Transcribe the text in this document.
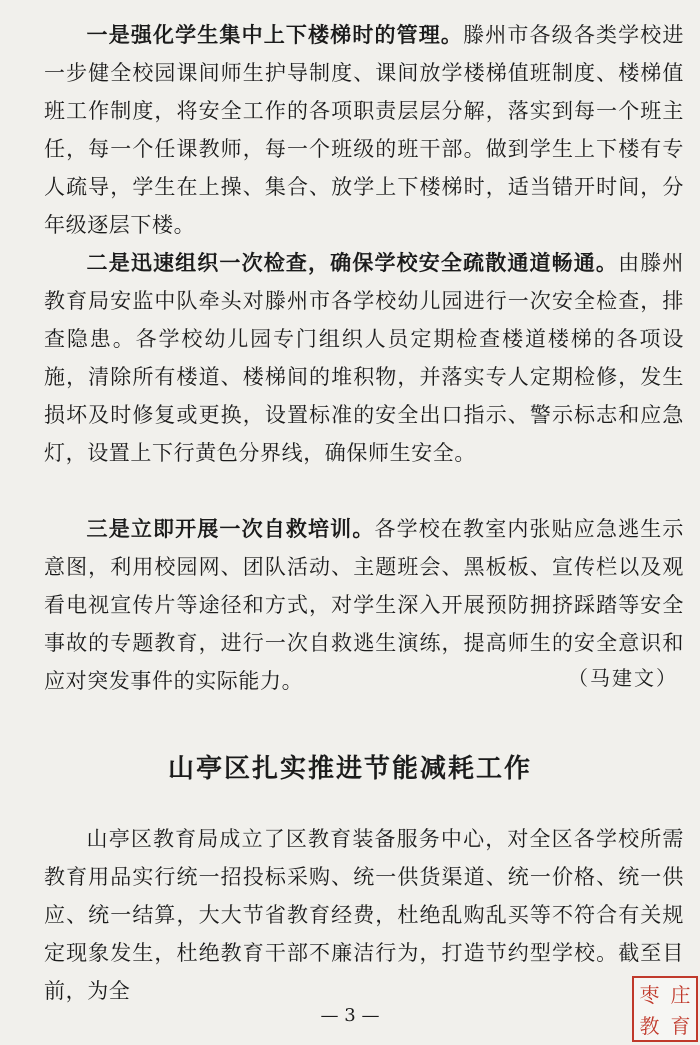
一是强化学生集中上下楼梯时的管理。滕州市各级各类学校进一步健全校园课间师生护导制度、课间放学楼梯值班制度、楼梯值班工作制度，将安全工作的各项职责层层分解，落实到每一个班主任，每一个任课教师，每一个班级的班干部。做到学生上下楼有专人疏导，学生在上操、集合、放学上下楼梯时，适当错开时间，分年级逐层下楼。

二是迅速组织一次检查，确保学校安全疏散通道畅通。由滕州教育局安监中队牵头对滕州市各学校幼儿园进行一次安全检查，排查隐患。各学校幼儿园专门组织人员定期检查楼道楼梯的各项设施，清除所有楼道、楼梯间的堆积物，并落实专人定期检修，发生损坏及时修复或更换，设置标准的安全出口指示、警示标志和应急灯，设置上下行黄色分界线，确保师生安全。

三是立即开展一次自救培训。各学校在教室内张贴应急逃生示意图，利用校园网、团队活动、主题班会、黑板板、宣传栏以及观看电视宣传片等途径和方式，对学生深入开展预防拥挤踩踏等安全事故的专题教育，进行一次自救逃生演练，提高师生的安全意识和应对突发事件的实际能力。	（马建文）
山亭区扎实推进节能减耗工作

山亭区教育局成立了区教育装备服务中心，对全区各学校所需教育用品实行统一招投标采购、统一供货渠道、统一价格、统一供应、统一结算，大大节省教育经费，杜绝乱购乱买等不符合有关规定现象发生，杜绝教育干部不廉洁行为，打造节约型学校。截至目前，为全

— 3 —
枣 庄
教 育
